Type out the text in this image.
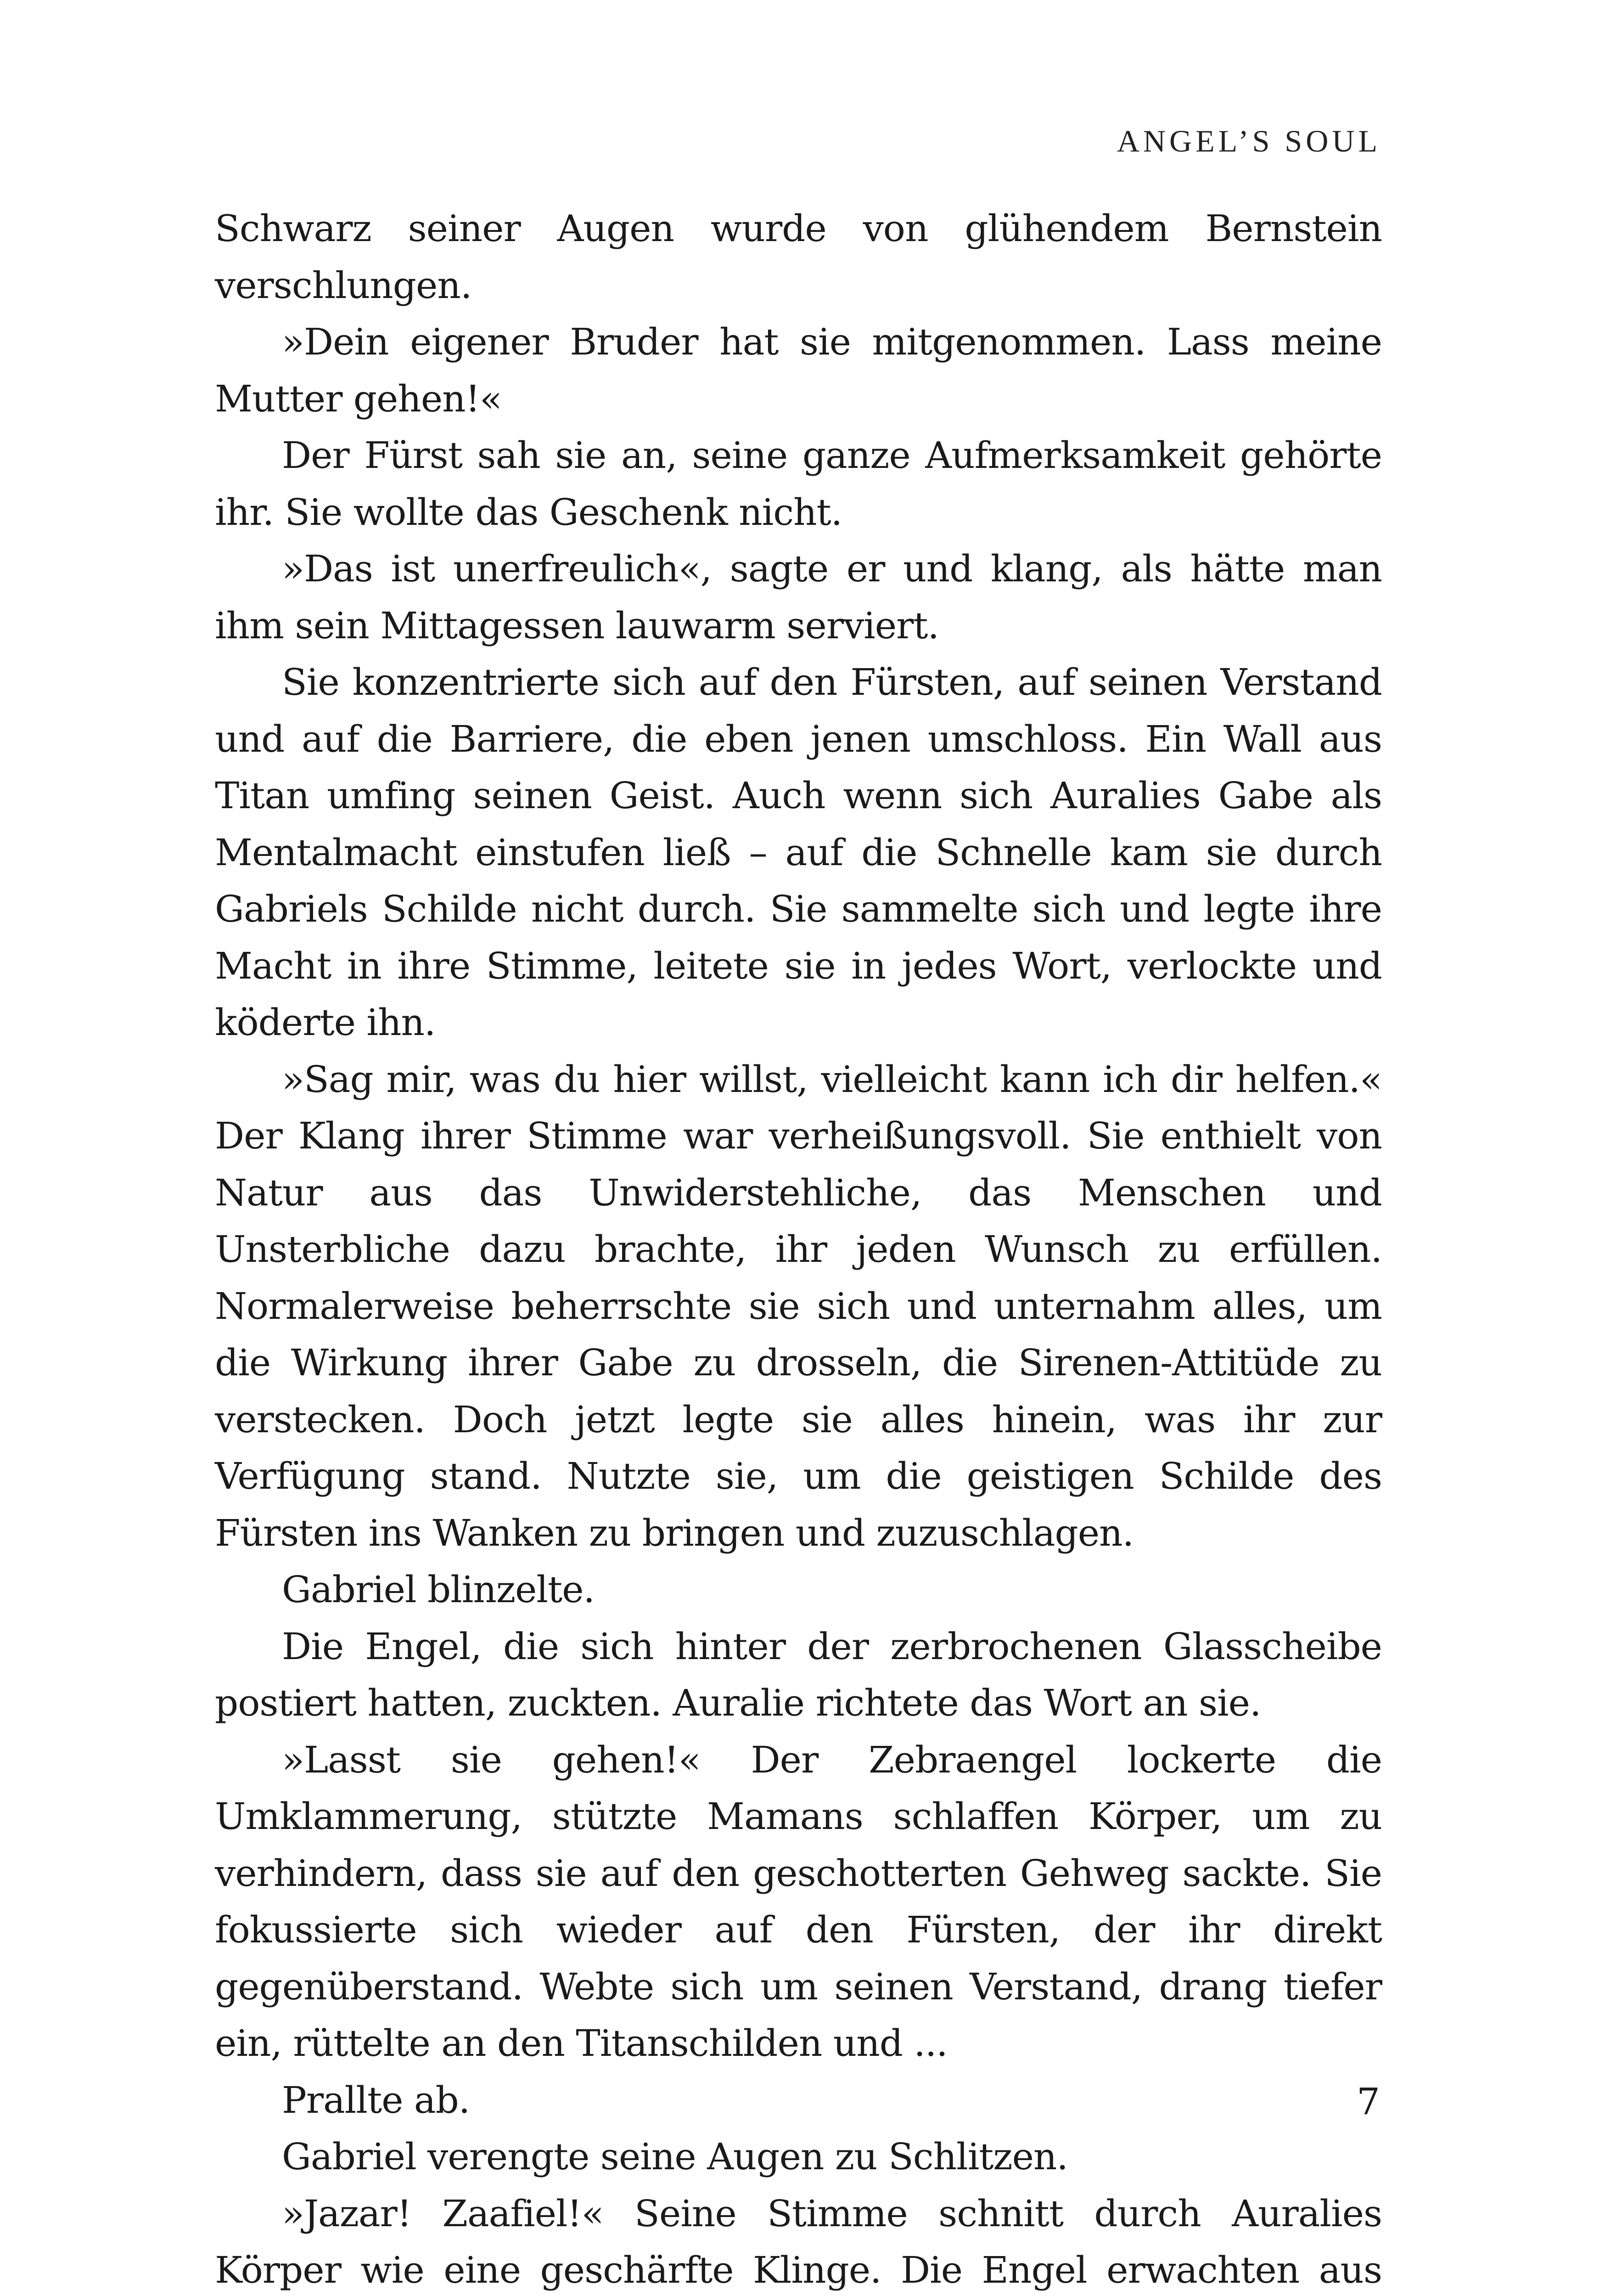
ANGEL’S SOUL

Schwarz seiner Augen wurde von glühendem Bernstein verschlungen.

»Dein eigener Bruder hat sie mitgenommen. Lass meine Mutter gehen!«

Der Fürst sah sie an, seine ganze Aufmerksamkeit gehörte ihr. Sie wollte das Geschenk nicht.

»Das ist unerfreulich«, sagte er und klang, als hätte man ihm sein Mittagessen lauwarm serviert.

Sie konzentrierte sich auf den Fürsten, auf seinen Verstand und auf die Barriere, die eben jenen umschloss. Ein Wall aus Titan umfing seinen Geist. Auch wenn sich Auralies Gabe als Mentalmacht einstufen ließ – auf die Schnelle kam sie durch Gabriels Schilde nicht durch. Sie sammelte sich und legte ihre Macht in ihre Stimme, leitete sie in jedes Wort, verlockte und köderte ihn.

»Sag mir, was du hier willst, vielleicht kann ich dir helfen.« Der Klang ihrer Stimme war verheißungsvoll. Sie enthielt von Natur aus das Unwiderstehliche, das Menschen und Unsterbliche dazu brachte, ihr jeden Wunsch zu erfüllen. Normalerweise beherrschte sie sich und unternahm alles, um die Wirkung ihrer Gabe zu drosseln, die Sirenen-Attitüde zu verstecken. Doch jetzt legte sie alles hinein, was ihr zur Verfügung stand. Nutzte sie, um die geistigen Schilde des Fürsten ins Wanken zu bringen und zuzuschlagen.

Gabriel blinzelte.

Die Engel, die sich hinter der zerbrochenen Glasscheibe postiert hatten, zuckten. Auralie richtete das Wort an sie.

»Lasst sie gehen!« Der Zebraengel lockerte die Umklammerung, stützte Mamans schlaffen Körper, um zu verhindern, dass sie auf den geschotterten Gehweg sackte. Sie fokussierte sich wieder auf den Fürsten, der ihr direkt gegenüberstand. Webte sich um seinen Verstand, drang tiefer ein, rüttelte an den Titanschilden und ...

Prallte ab.

Gabriel verengte seine Augen zu Schlitzen.

»Jazar! Zaafiel!« Seine Stimme schnitt durch Auralies Körper wie eine geschärfte Klinge. Die Engel erwachten aus

7
